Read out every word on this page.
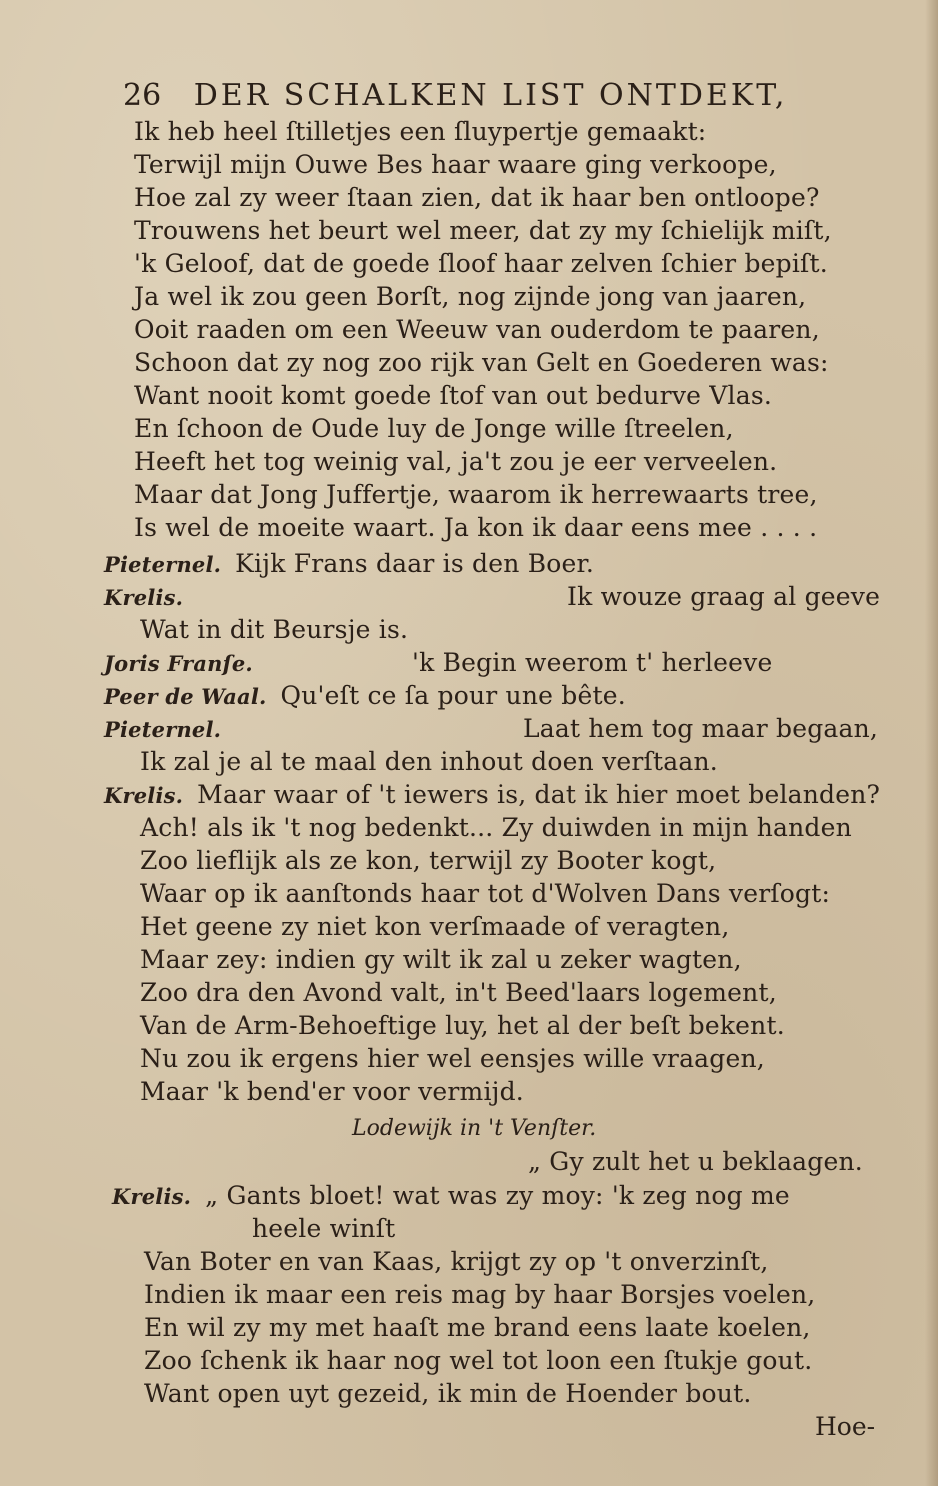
26 DER SCHALKEN LIST ONTDEKT,
Ik heb heel ſtilletjes een ſluypertje gemaakt:
Terwijl mijn Ouwe Bes haar waare ging verkoope,
Hoe zal zy weer ſtaan zien, dat ik haar ben ontloope?
Trouwens het beurt wel meer, dat zy my ſchielijk miſt,
'k Geloof, dat de goede ſloof haar zelven ſchier bepiſt.
Ja wel ik zou geen Borſt, nog zijnde jong van jaaren,
Ooit raaden om een Weeuw van ouderdom te paaren,
Schoon dat zy nog zoo rijk van Gelt en Goederen was:
Want nooit komt goede ſtof van out bedurve Vlas.
En ſchoon de Oude luy de Jonge wille ſtreelen,
Heeft het tog weinig val, ja't zou je eer verveelen.
Maar dat Jong Juffertje, waarom ik herrewaarts tree,
Is wel de moeite waart. Ja kon ik daar eens mee . . . .
Pieternel. Kijk Frans daar is den Boer.
Krelis.	Ik wouze graag al geeve
Wat in dit Beursje is.
Joris Franſe.	'k Begin weerom t' herleeve
Peer de Waal. Qu'eſt ce ſa pour une bête.
Pieternel.	Laat hem tog maar begaan,
Ik zal je al te maal den inhout doen verſtaan.
Krelis. Maar waar of 't iewers is, dat ik hier moet belanden?
Ach! als ik 't nog bedenkt... Zy duiwden in mijn handen
Zoo lieflijk als ze kon, terwijl zy Booter kogt,
Waar op ik aanſtonds haar tot d'Wolven Dans verſogt:
Het geene zy niet kon verſmaade of veragten,
Maar zey: indien gy wilt ik zal u zeker wagten,
Zoo dra den Avond valt, in't Beed'laars logement,
Van de Arm-Behoeftige luy, het al der beſt bekent.
Nu zou ik ergens hier wel eensjes wille vraagen,
Maar 'k bend'er voor vermijd.
Lodewijk in 't Venſter.
„ Gy zult het u beklaagen.
Krelis. „ Gants bloet! wat was zy moy: 'k zeg nog me
heele winſt
Van Boter en van Kaas, krijgt zy op 't onverzinſt,
Indien ik maar een reis mag by haar Borsjes voelen,
En wil zy my met haaſt me brand eens laate koelen,
Zoo ſchenk ik haar nog wel tot loon een ſtukje gout.
Want open uyt gezeid, ik min de Hoender bout.
Hoe-
